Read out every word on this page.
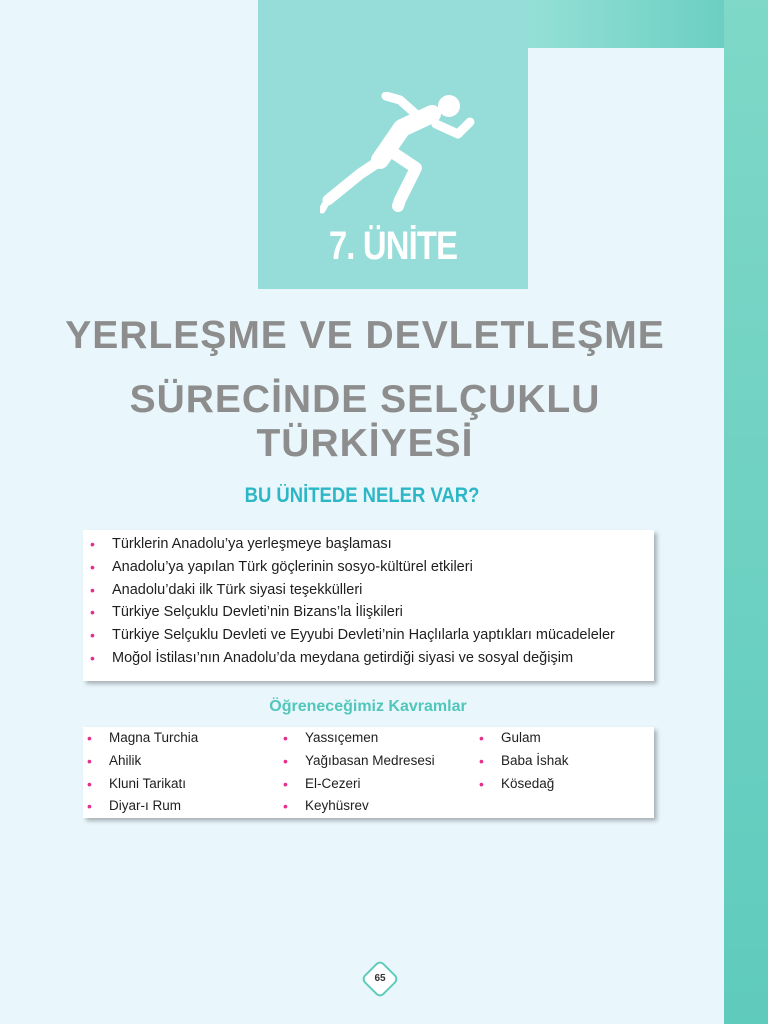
7. ÜNİTE
YERLEŞME VE DEVLETLEŞME
SÜRECİNDE SELÇUKLU TÜRKİYESİ
BU ÜNİTEDE NELER VAR?
• Türklerin Anadolu’ya yerleşmeye başlaması
• Anadolu’ya yapılan Türk göçlerinin sosyo-kültürel etkileri
• Anadolu’daki ilk Türk siyasi teşekkülleri
• Türkiye Selçuklu Devleti’nin Bizans’la İlişkileri
• Türkiye Selçuklu Devleti ve Eyyubi Devleti’nin Haçlılarla yaptıkları mücadeleler
• Moğol İstilası’nın Anadolu’da meydana getirdiği siyasi ve sosyal değişim
Öğreneceğimiz Kavramlar
• Magna Turchia
• Ahilik
• Kluni Tarikatı
• Diyar-ı Rum
• Yassıçemen
• Yağıbasan Medresesi
• El-Cezeri
• Keyhüsrev
• Gulam
• Baba İshak
• Kösedağ
65
